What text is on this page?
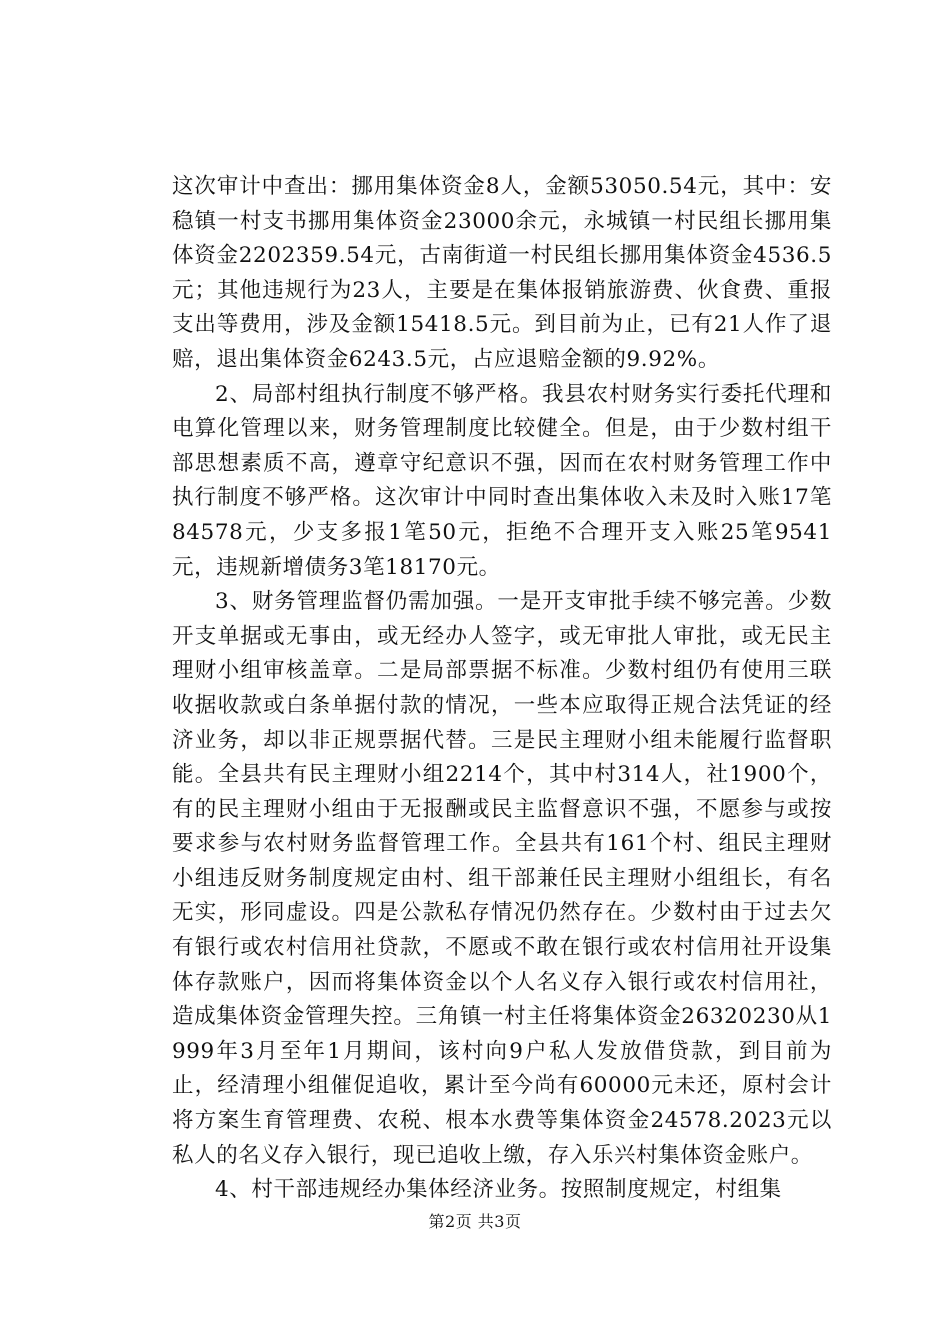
这次审计中查出：挪用集体资金8人，金额53050.54元，其中：安稳镇一村支书挪用集体资金23000余元，永城镇一村民组长挪用集体资金2202359.54元，古南街道一村民组长挪用集体资金4536.5元；其他违规行为23人，主要是在集体报销旅游费、伙食费、重报支出等费用，涉及金额15418.5元。到目前为止，已有21人作了退赔，退出集体资金6243.5元，占应退赔金额的9.92%。

2、局部村组执行制度不够严格。我县农村财务实行委托代理和电算化管理以来，财务管理制度比较健全。但是，由于少数村组干部思想素质不高，遵章守纪意识不强，因而在农村财务管理工作中执行制度不够严格。这次审计中同时查出集体收入未及时入账17笔84578元，少支多报1笔50元，拒绝不合理开支入账25笔9541元，违规新增债务3笔18170元。

3、财务管理监督仍需加强。一是开支审批手续不够完善。少数开支单据或无事由，或无经办人签字，或无审批人审批，或无民主理财小组审核盖章。二是局部票据不标准。少数村组仍有使用三联收据收款或白条单据付款的情况，一些本应取得正规合法凭证的经济业务，却以非正规票据代替。三是民主理财小组未能履行监督职能。全县共有民主理财小组2214个，其中村314人，社1900个，有的民主理财小组由于无报酬或民主监督意识不强，不愿参与或按要求参与农村财务监督管理工作。全县共有161个村、组民主理财小组违反财务制度规定由村、组干部兼任民主理财小组组长，有名无实，形同虚设。四是公款私存情况仍然存在。少数村由于过去欠有银行或农村信用社贷款，不愿或不敢在银行或农村信用社开设集体存款账户，因而将集体资金以个人名义存入银行或农村信用社，造成集体资金管理失控。三角镇一村主任将集体资金26320230从1999年3月至年1月期间，该村向9户私人发放借贷款，到目前为止，经清理小组催促追收，累计至今尚有60000元未还，原村会计将方案生育管理费、农税、根本水费等集体资金24578.2023元以私人的名义存入银行，现已追收上缴，存入乐兴村集体资金账户。

4、村干部违规经办集体经济业务。按照制度规定，村组集

第2页 共3页
